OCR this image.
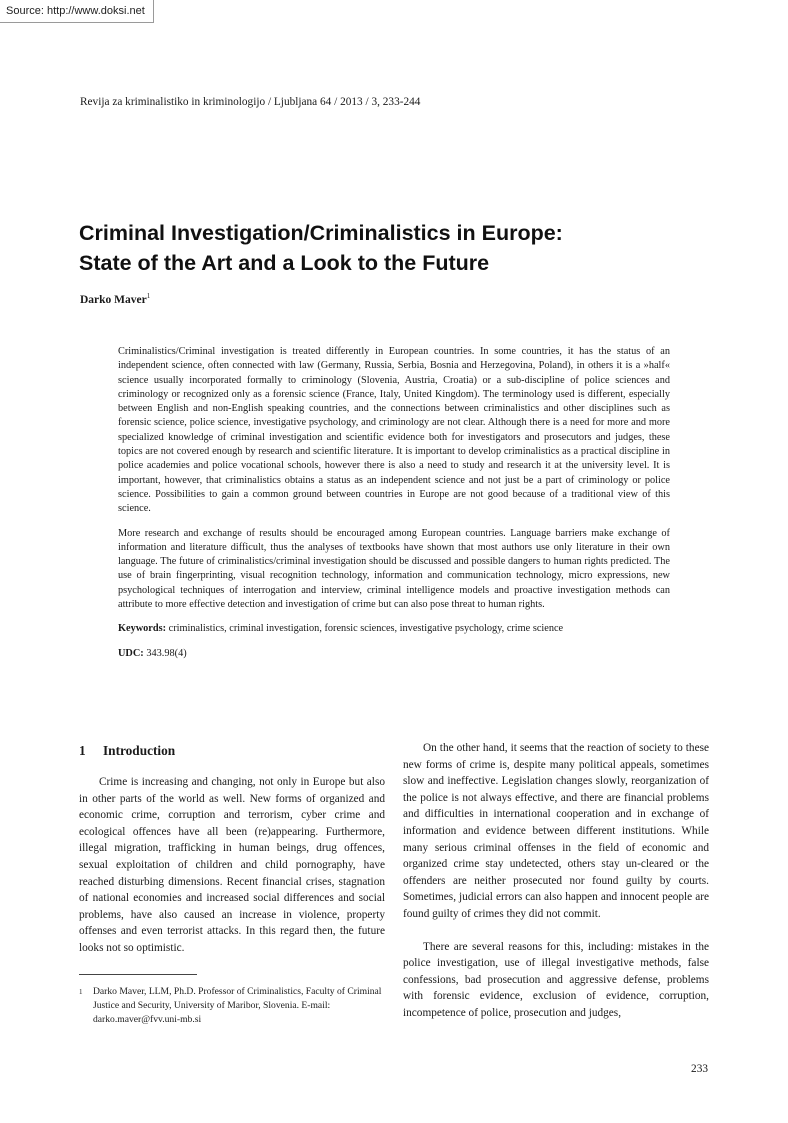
Source: http://www.doksi.net
Revija za kriminalistiko in kriminologijo / Ljubljana 64 / 2013 / 3, 233-244
Criminal Investigation/Criminalistics in Europe:
State of the Art and a Look to the Future
Darko Maver$^1$

Criminalistics/Criminal investigation is treated differently in European countries. In some countries, it has the status of an independent science, often connected with law (Germany, Russia, Serbia, Bosnia and Herzegovina, Poland), in others it is a »half« science usually incorporated formally to criminology (Slovenia, Austria, Croatia) or a sub-discipline of police sciences and criminology or recognized only as a forensic science (France, Italy, United Kingdom). The terminology used is different, especially between English and non-English speaking countries, and the connections between criminalistics and other disciplines such as forensic science, police science, investigative psychology, and criminology are not clear. Although there is a need for more and more specialized knowledge of criminal investigation and scientific evidence both for investigators and prosecutors and judges, these topics are not covered enough by research and scientific literature. It is important to develop criminalistics as a practical discipline in police academies and police vocational schools, however there is also a need to study and research it at the university level. It is important, however, that criminalistics obtains a status as an independent science and not just be a part of criminology or police science. Possibilities to gain a common ground between countries in Europe are not good because of a traditional view of this science.

More research and exchange of results should be encouraged among European countries. Language barriers make exchange of information and literature difficult, thus the analyses of textbooks have shown that most authors use only literature in their own language. The future of criminalistics/criminal investigation should be discussed and possible dangers to human rights predicted. The use of brain fingerprinting, visual recognition technology, information and communication technology, micro expressions, new psychological techniques of interrogation and interview, criminal intelligence models and proactive investigation methods can attribute to more effective detection and investigation of crime but can also pose threat to human rights.

Keywords: criminalistics, criminal investigation, forensic sciences, investigative psychology, crime science

UDC: 343.98(4)

1 Introduction

Crime is increasing and changing, not only in Europe but also in other parts of the world as well. New forms of organized and economic crime, corruption and terrorism, cyber crime and ecological offences have all been (re)appearing. Furthermore, illegal migration, trafficking in human beings, drug offences, sexual exploitation of children and child pornography, have reached disturbing dimensions. Recent financial crises, stagnation of national economies and increased social differences and social problems, have also caused an increase in violence, property offenses and even terrorist attacks. In this regard then, the future looks not so optimistic.

1 Darko Maver, LLM, Ph.D. Professor of Criminalistics, Faculty of Criminal Justice and Security, University of Maribor, Slovenia. E-mail: darko.maver@fvv.uni-mb.si

On the other hand, it seems that the reaction of society to these new forms of crime is, despite many political appeals, sometimes slow and ineffective. Legislation changes slowly, reorganization of the police is not always effective, and there are financial problems and difficulties in international cooperation and in exchange of information and evidence between different institutions. While many serious criminal offenses in the field of economic and organized crime stay undetected, others stay un-cleared or the offenders are neither prosecuted nor found guilty by courts. Sometimes, judicial errors can also happen and innocent people are found guilty of crimes they did not commit.

There are several reasons for this, including: mistakes in the police investigation, use of illegal investigative methods, false confessions, bad prosecution and aggressive defense, problems with forensic evidence, exclusion of evidence, corruption, incompetence of police, prosecution and judges,

233
